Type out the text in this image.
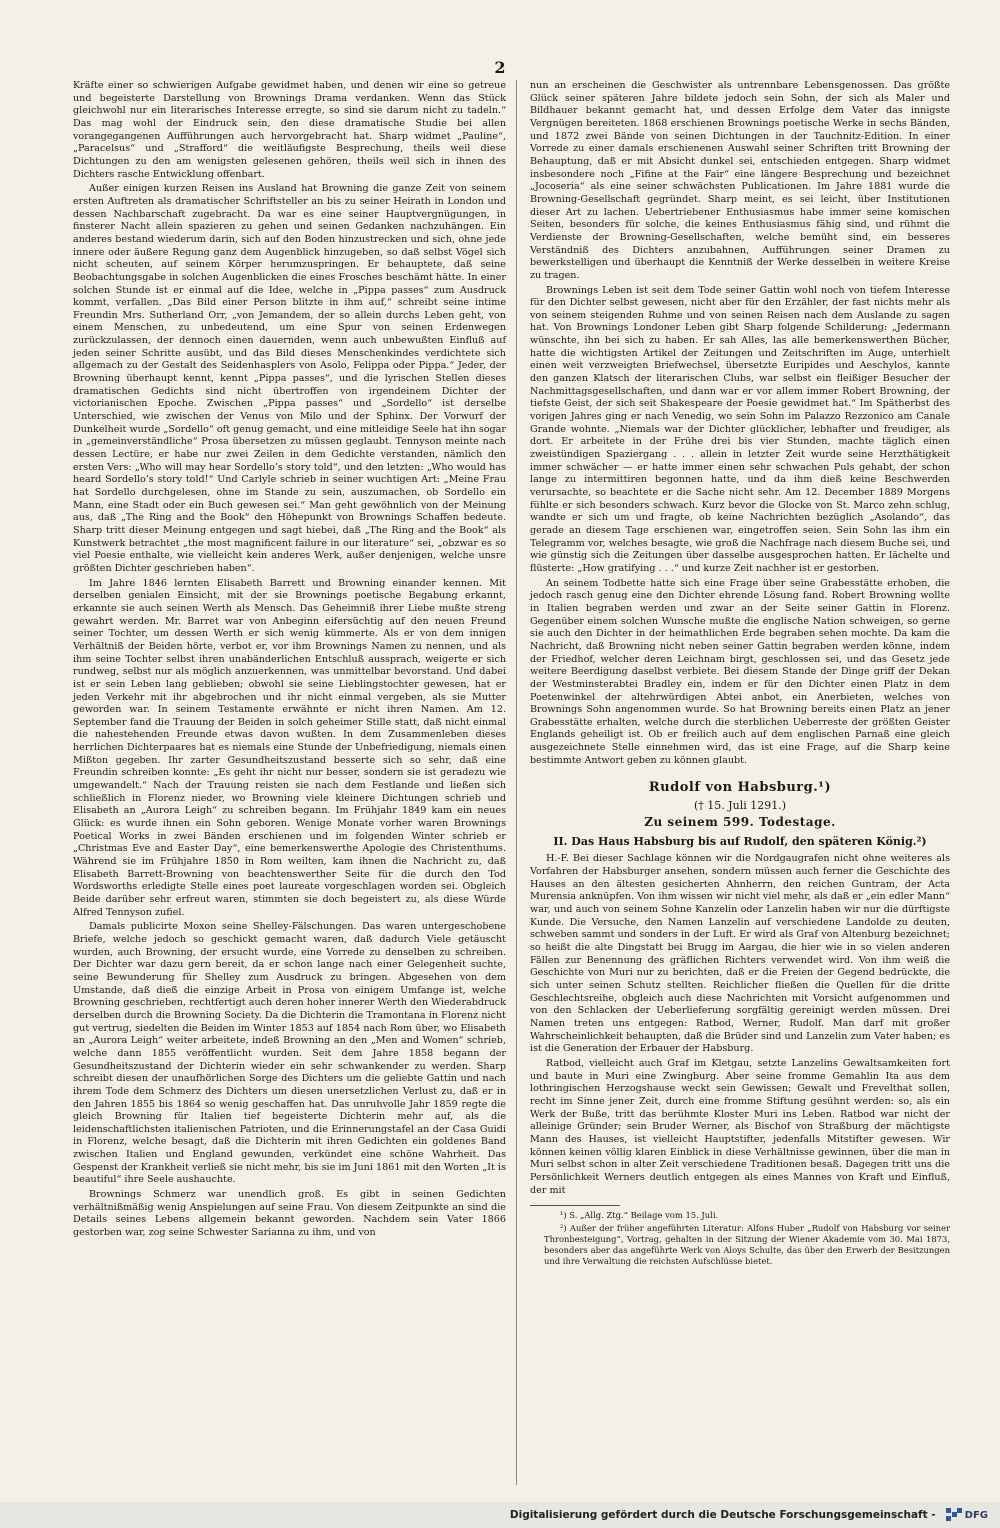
2

Kräfte einer so schwierigen Aufgabe gewidmet haben, und denen wir eine so getreue und begeisterte Darstellung von Brownings Drama verdanken. Wenn das Stück gleichwohl nur ein literarisches Interesse erregte, so sind sie darum nicht zu tadeln.“ Das mag wohl der Eindruck sein, den diese dramatische Studie bei allen vorangegangenen Aufführungen auch hervorgebracht hat. Sharp widmet „Pauline“, „Paracelsus“ und „Strafford“ die weitläufigste Besprechung, theils weil diese Dichtungen zu den am wenigsten gelesenen gehören, theils weil sich in ihnen des Dichters rasche Entwicklung offenbart.

Außer einigen kurzen Reisen ins Ausland hat Browning die ganze Zeit von seinem ersten Auftreten als dramatischer Schriftsteller an bis zu seiner Heirath in London und dessen Nachbarschaft zugebracht. Da war es eine seiner Hauptvergnügungen, in finsterer Nacht allein spazieren zu gehen und seinen Gedanken nachzuhängen. Ein anderes bestand wiederum darin, sich auf den Boden hinzustrecken und sich, ohne jede innere oder äußere Regung ganz dem Augenblick hinzugeben, so daß selbst Vögel sich nicht scheuten, auf seinem Körper herumzuspringen. Er behauptete, daß seine Beobachtungsgabe in solchen Augenblicken die eines Frosches beschämt hätte. In einer solchen Stunde ist er einmal auf die Idee, welche in „Pippa passes“ zum Ausdruck kommt, verfallen. „Das Bild einer Person blitzte in ihm auf,“ schreibt seine intime Freundin Mrs. Sutherland Orr, „von Jemandem, der so allein durchs Leben geht, von einem Menschen, zu unbedeutend, um eine Spur von seinen Erdenwegen zurückzulassen, der dennoch einen dauernden, wenn auch unbewußten Einfluß auf jeden seiner Schritte ausübt, und das Bild dieses Menschenkindes verdichtete sich allgemach zu der Gestalt des Seidenhasplers von Asolo, Felippa oder Pippa.“ Jeder, der Browning überhaupt kennt, kennt „Pippa passes“, und die lyrischen Stellen dieses dramatischen Gedichts sind nicht übertroffen von irgendeinem Dichter der victorianischen Epoche. Zwischen „Pippa passes“ und „Sordello“ ist derselbe Unterschied, wie zwischen der Venus von Milo und der Sphinx. Der Vorwurf der Dunkelheit wurde „Sordello“ oft genug gemacht, und eine mitleidige Seele hat ihn sogar in „gemeinverständliche“ Prosa übersetzen zu müssen geglaubt. Tennyson meinte nach dessen Lectüre, er habe nur zwei Zeilen in dem Gedichte verstanden, nämlich den ersten Vers: „Who will may hear Sordello’s story told“, und den letzten: „Who would has heard Sordello’s story told!“ Und Carlyle schrieb in seiner wuchtigen Art: „Meine Frau hat Sordello durchgelesen, ohne im Stande zu sein, auszumachen, ob Sordello ein Mann, eine Stadt oder ein Buch gewesen sei.“ Man geht gewöhnlich von der Meinung aus, daß „The Ring and the Book“ den Höhepunkt von Brownings Schaffen bedeute. Sharp tritt dieser Meinung entgegen und sagt hiebei, daß „The Ring and the Book“ als Kunstwerk betrachtet „the most magnificent failure in our literature“ sei, „obzwar es so viel Poesie enthalte, wie vielleicht kein anderes Werk, außer denjenigen, welche unsre größten Dichter geschrieben haben“.

Im Jahre 1846 lernten Elisabeth Barrett und Browning einander kennen. Mit derselben genialen Einsicht, mit der sie Brownings poetische Begabung erkannt, erkannte sie auch seinen Werth als Mensch. Das Geheimniß ihrer Liebe mußte streng gewahrt werden. Mr. Barret war von Anbeginn eifersüchtig auf den neuen Freund seiner Tochter, um dessen Werth er sich wenig kümmerte. Als er von dem innigen Verhältniß der Beiden hörte, verbot er, vor ihm Brownings Namen zu nennen, und als ihm seine Tochter selbst ihren unabänderlichen Entschluß aussprach, weigerte er sich rundweg, selbst nur als möglich anzuerkennen, was unmittelbar bevorstand. Und dabei ist er sein Leben lang geblieben; obwohl sie seine Lieblingstochter gewesen, hat er jeden Verkehr mit ihr abgebrochen und ihr nicht einmal vergeben, als sie Mutter geworden war. In seinem Testamente erwähnte er nicht ihren Namen. Am 12. September fand die Trauung der Beiden in solch geheimer Stille statt, daß nicht einmal die nahestehenden Freunde etwas davon wußten. In dem Zusammenleben dieses herrlichen Dichterpaares hat es niemals eine Stunde der Unbefriedigung, niemals einen Mißton gegeben. Ihr zarter Gesundheitszustand besserte sich so sehr, daß eine Freundin schreiben konnte: „Es geht ihr nicht nur besser, sondern sie ist geradezu wie umgewandelt.“ Nach der Trauung reisten sie nach dem Festlande und ließen sich schließlich in Florenz nieder, wo Browning viele kleinere Dichtungen schrieb und Elisabeth an „Aurora Leigh“ zu schreiben begann. Im Frühjahr 1849 kam ein neues Glück: es wurde ihnen ein Sohn geboren. Wenige Monate vorher waren Brownings Poetical Works in zwei Bänden erschienen und im folgenden Winter schrieb er „Christmas Eve and Easter Day“, eine bemerkenswerthe Apologie des Christenthums. Während sie im Frühjahre 1850 in Rom weilten, kam ihnen die Nachricht zu, daß Elisabeth Barrett-Browning von beachtenswerther Seite für die durch den Tod Wordsworths erledigte Stelle eines poet laureate vorgeschlagen worden sei. Obgleich Beide darüber sehr erfreut waren, stimmten sie doch begeistert zu, als diese Würde Alfred Tennyson zufiel.

Damals publicirte Moxon seine Shelley-Fälschungen. Das waren untergeschobene Briefe, welche jedoch so geschickt gemacht waren, daß dadurch Viele getäuscht wurden, auch Browning, der ersucht wurde, eine Vorrede zu denselben zu schreiben. Der Dichter war dazu gern bereit, da er schon lange nach einer Gelegenheit suchte, seine Bewunderung für Shelley zum Ausdruck zu bringen. Abgesehen von dem Umstande, daß dieß die einzige Arbeit in Prosa von einigem Umfange ist, welche Browning geschrieben, rechtfertigt auch deren hoher innerer Werth den Wiederabdruck derselben durch die Browning Society. Da die Dichterin die Tramontana in Florenz nicht gut vertrug, siedelten die Beiden im Winter 1853 auf 1854 nach Rom über, wo Elisabeth an „Aurora Leigh“ weiter arbeitete, indeß Browning an den „Men and Women“ schrieb, welche dann 1855 veröffentlicht wurden. Seit dem Jahre 1858 begann der Gesundheitszustand der Dichterin wieder ein sehr schwankender zu werden. Sharp schreibt diesen der unaufhörlichen Sorge des Dichters um die geliebte Gattin und nach ihrem Tode dem Schmerz des Dichters um diesen unersetzlichen Verlust zu, daß er in den Jahren 1855 bis 1864 so wenig geschaffen hat. Das unruhvolle Jahr 1859 regte die gleich Browning für Italien tief begeisterte Dichterin mehr auf, als die leidenschaftlichsten italienischen Patrioten, und die Erinnerungstafel an der Casa Guidi in Florenz, welche besagt, daß die Dichterin mit ihren Gedichten ein goldenes Band zwischen Italien und England gewunden, verkündet eine schöne Wahrheit. Das Gespenst der Krankheit verließ sie nicht mehr, bis sie im Juni 1861 mit den Worten „It is beautiful“ ihre Seele aushauchte.

Brownings Schmerz war unendlich groß. Es gibt in seinen Gedichten verhältnißmäßig wenig Anspielungen auf seine Frau. Von diesem Zeitpunkte an sind die Details seines Lebens allgemein bekannt geworden. Nachdem sein Vater 1866 gestorben war, zog seine Schwester Sarianna zu ihm, und von

nun an erscheinen die Geschwister als untrennbare Lebensgenossen. Das größte Glück seiner späteren Jahre bildete jedoch sein Sohn, der sich als Maler und Bildhauer bekannt gemacht hat, und dessen Erfolge dem Vater das innigste Vergnügen bereiteten. 1868 erschienen Brownings poetische Werke in sechs Bänden, und 1872 zwei Bände von seinen Dichtungen in der Tauchnitz-Edition. In einer Vorrede zu einer damals erschienenen Auswahl seiner Schriften tritt Browning der Behauptung, daß er mit Absicht dunkel sei, entschieden entgegen. Sharp widmet insbesondere noch „Fifine at the Fair“ eine längere Besprechung und bezeichnet „Jocoseria“ als eine seiner schwächsten Publicationen. Im Jahre 1881 wurde die Browning-Gesellschaft gegründet. Sharp meint, es sei leicht, über Institutionen dieser Art zu lachen. Uebertriebener Enthusiasmus habe immer seine komischen Seiten, besonders für solche, die keines Enthusiasmus fähig sind, und rühmt die Verdienste der Browning-Gesellschaften, welche bemüht sind, ein besseres Verständniß des Dichters anzubahnen, Aufführungen seiner Dramen zu bewerkstelligen und überhaupt die Kenntniß der Werke desselben in weitere Kreise zu tragen.

Brownings Leben ist seit dem Tode seiner Gattin wohl noch von tiefem Interesse für den Dichter selbst gewesen, nicht aber für den Erzähler, der fast nichts mehr als von seinem steigenden Ruhme und von seinen Reisen nach dem Auslande zu sagen hat. Von Brownings Londoner Leben gibt Sharp folgende Schilderung: „Jedermann wünschte, ihn bei sich zu haben. Er sah Alles, las alle bemerkenswerthen Bücher, hatte die wichtigsten Artikel der Zeitungen und Zeitschriften im Auge, unterhielt einen weit verzweigten Briefwechsel, übersetzte Euripides und Aeschylos, kannte den ganzen Klatsch der literarischen Clubs, war selbst ein fleißiger Besucher der Nachmittagsgesellschaften, und dann war er vor allem immer Robert Browning, der tiefste Geist, der sich seit Shakespeare der Poesie gewidmet hat.“ Im Spätherbst des vorigen Jahres ging er nach Venedig, wo sein Sohn im Palazzo Rezzonico am Canale Grande wohnte. „Niemals war der Dichter glücklicher, lebhafter und freudiger, als dort. Er arbeitete in der Frühe drei bis vier Stunden, machte täglich einen zweistündigen Spaziergang . . . allein in letzter Zeit wurde seine Herzthätigkeit immer schwächer — er hatte immer einen sehr schwachen Puls gehabt, der schon lange zu intermittiren begonnen hatte, und da ihm dieß keine Beschwerden verursachte, so beachtete er die Sache nicht sehr. Am 12. December 1889 Morgens fühlte er sich besonders schwach. Kurz bevor die Glocke von St. Marco zehn schlug, wandte er sich um und fragte, ob keine Nachrichten bezüglich „Asolando“, das gerade an diesem Tage erschienen war, eingetroffen seien. Sein Sohn las ihm ein Telegramm vor, welches besagte, wie groß die Nachfrage nach diesem Buche sei, und wie günstig sich die Zeitungen über dasselbe ausgesprochen hatten. Er lächelte und flüsterte: „How gratifying . . .“ und kurze Zeit nachher ist er gestorben.

An seinem Todbette hatte sich eine Frage über seine Grabesstätte erhoben, die jedoch rasch genug eine den Dichter ehrende Lösung fand. Robert Browning wollte in Italien begraben werden und zwar an der Seite seiner Gattin in Florenz. Gegenüber einem solchen Wunsche mußte die englische Nation schweigen, so gerne sie auch den Dichter in der heimathlichen Erde begraben sehen mochte. Da kam die Nachricht, daß Browning nicht neben seiner Gattin begraben werden könne, indem der Friedhof, welcher deren Leichnam birgt, geschlossen sei, und das Gesetz jede weitere Beerdigung daselbst verbiete. Bei diesem Stande der Dinge griff der Dekan der Westminsterabtei Bradley ein, indem er für den Dichter einen Platz in dem Poetenwinkel der altehrwürdigen Abtei anbot, ein Anerbieten, welches von Brownings Sohn angenommen wurde. So hat Browning bereits einen Platz an jener Grabesstätte erhalten, welche durch die sterblichen Ueberreste der größten Geister Englands geheiligt ist. Ob er freilich auch auf dem englischen Parnaß eine gleich ausgezeichnete Stelle einnehmen wird, das ist eine Frage, auf die Sharp keine bestimmte Antwort geben zu können glaubt.

Rudolf von Habsburg.¹)
(† 15. Juli 1291.)
Zu seinem 599. Todestage.
II. Das Haus Habsburg bis auf Rudolf, den späteren König.²)

H.-F. Bei dieser Sachlage können wir die Nordgaugrafen nicht ohne weiteres als Vorfahren der Habsburger ansehen, sondern müssen auch ferner die Geschichte des Hauses an den ältesten gesicherten Ahnherrn, den reichen Guntram, der Acta Murensia anknüpfen. Von ihm wissen wir nicht viel mehr, als daß er „ein edler Mann“ war, und auch von seinem Sohne Kanzelin oder Lanzelin haben wir nur die dürftigste Kunde. Die Versuche, den Namen Lanzelin auf verschiedene Landolde zu deuten, schweben sammt und sonders in der Luft. Er wird als Graf von Altenburg bezeichnet; so heißt die alte Dingstatt bei Brugg im Aargau, die hier wie in so vielen anderen Fällen zur Benennung des gräflichen Richters verwendet wird. Von ihm weiß die Geschichte von Muri nur zu berichten, daß er die Freien der Gegend bedrückte, die sich unter seinen Schutz stellten. Reichlicher fließen die Quellen für die dritte Geschlechtsreihe, obgleich auch diese Nachrichten mit Vorsicht aufgenommen und von den Schlacken der Ueberlieferung sorgfältig gereinigt werden müssen. Drei Namen treten uns entgegen: Ratbod, Werner, Rudolf. Man darf mit großer Wahrscheinlichkeit behaupten, daß die Brüder sind und Lanzelin zum Vater haben; es ist die Generation der Erbauer der Habsburg.

Ratbod, vielleicht auch Graf im Kletgau, setzte Lanzelins Gewaltsamkeiten fort und baute in Muri eine Zwingburg. Aber seine fromme Gemahlin Ita aus dem lothringischen Herzogshause weckt sein Gewissen; Gewalt und Frevelthat sollen, recht im Sinne jener Zeit, durch eine fromme Stiftung gesühnt werden: so, als ein Werk der Buße, tritt das berühmte Kloster Muri ins Leben. Ratbod war nicht der alleinige Gründer; sein Bruder Werner, als Bischof von Straßburg der mächtigste Mann des Hauses, ist vielleicht Hauptstifter, jedenfalls Mitstifter gewesen. Wir können keinen völlig klaren Einblick in diese Verhältnisse gewinnen, über die man in Muri selbst schon in alter Zeit verschiedene Traditionen besaß. Dagegen tritt uns die Persönlichkeit Werners deutlich entgegen als eines Mannes von Kraft und Einfluß, der mit

¹) S. „Allg. Ztg.“ Beilage vom 15. Juli.

²) Außer der früher angeführten Literatur: Alfons Huber „Rudolf von Habsburg vor seiner Thronbesteigung“, Vortrag, gehalten in der Sitzung der Wiener Akademie vom 30. Mai 1873, besonders aber das angeführte Werk von Aloys Schulte, das über den Erwerb der Besitzungen und ihre Verwaltung die reichsten Aufschlüsse bietet.

Digitalisierung gefördert durch die Deutsche Forschungsgemeinschaft -	DFG
